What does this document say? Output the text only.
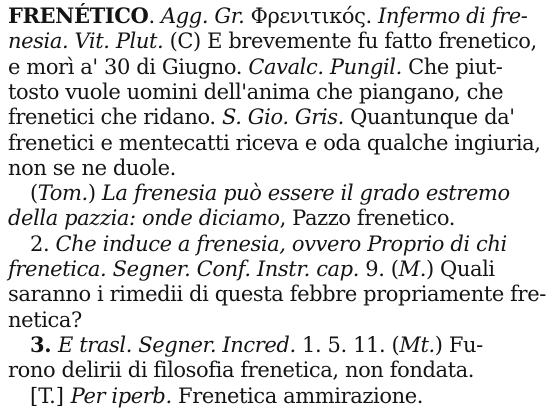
FRENÉTICO. Agg. Gr. Φρενιτικός. Infermo di fre-
nesia. Vit. Plut. (C) E brevemente fu fatto frenetico,
e morì a' 30 di Giugno. Cavalc. Pungil. Che piut-
tosto vuole uomini dell'anima che piangano, che
frenetici che ridano. S. Gio. Gris. Quantunque da'
frenetici e mentecatti riceva e oda qualche ingiuria,
non se ne duole.
(Tom.) La frenesia può essere il grado estremo
della pazzia: onde diciamo, Pazzo frenetico.
2. Che induce a frenesia, ovvero Proprio di chi
frenetica. Segner. Conf. Instr. cap. 9. (M.) Quali
saranno i rimedii di questa febbre propriamente fre-
netica?
3. E trasl. Segner. Incred. 1. 5. 11. (Mt.) Fu-
rono delirii di filosofia frenetica, non fondata.
[T.] Per iperb. Frenetica ammirazione.
